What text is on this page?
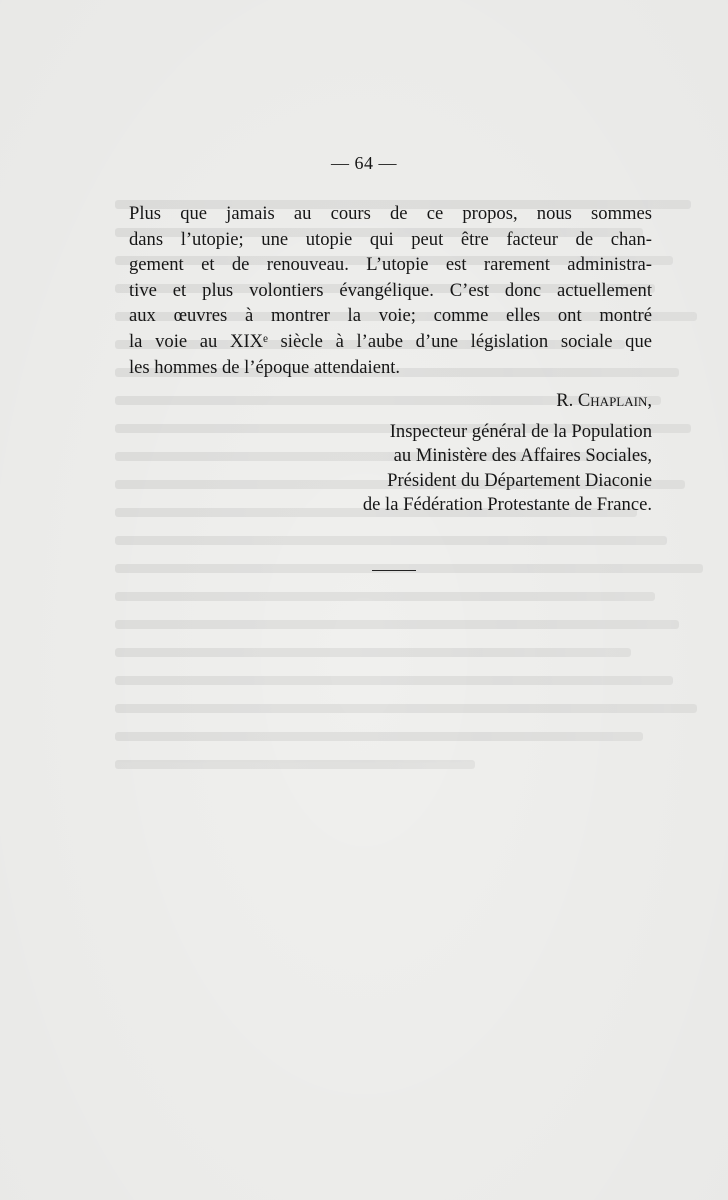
— 64 —
Plus que jamais au cours de ce propos, nous sommes
dans l’utopie; une utopie qui peut être facteur de chan-
gement et de renouveau. L’utopie est rarement administra-
tive et plus volontiers évangélique. C’est donc actuellement
aux œuvres à montrer la voie; comme elles ont montré
la voie au XIXᵉ siècle à l’aube d’une législation sociale que
les hommes de l’époque attendaient.
R. Chaplain,
Inspecteur général de la Population
au Ministère des Affaires Sociales,
Président du Département Diaconie
de la Fédération Protestante de France.
